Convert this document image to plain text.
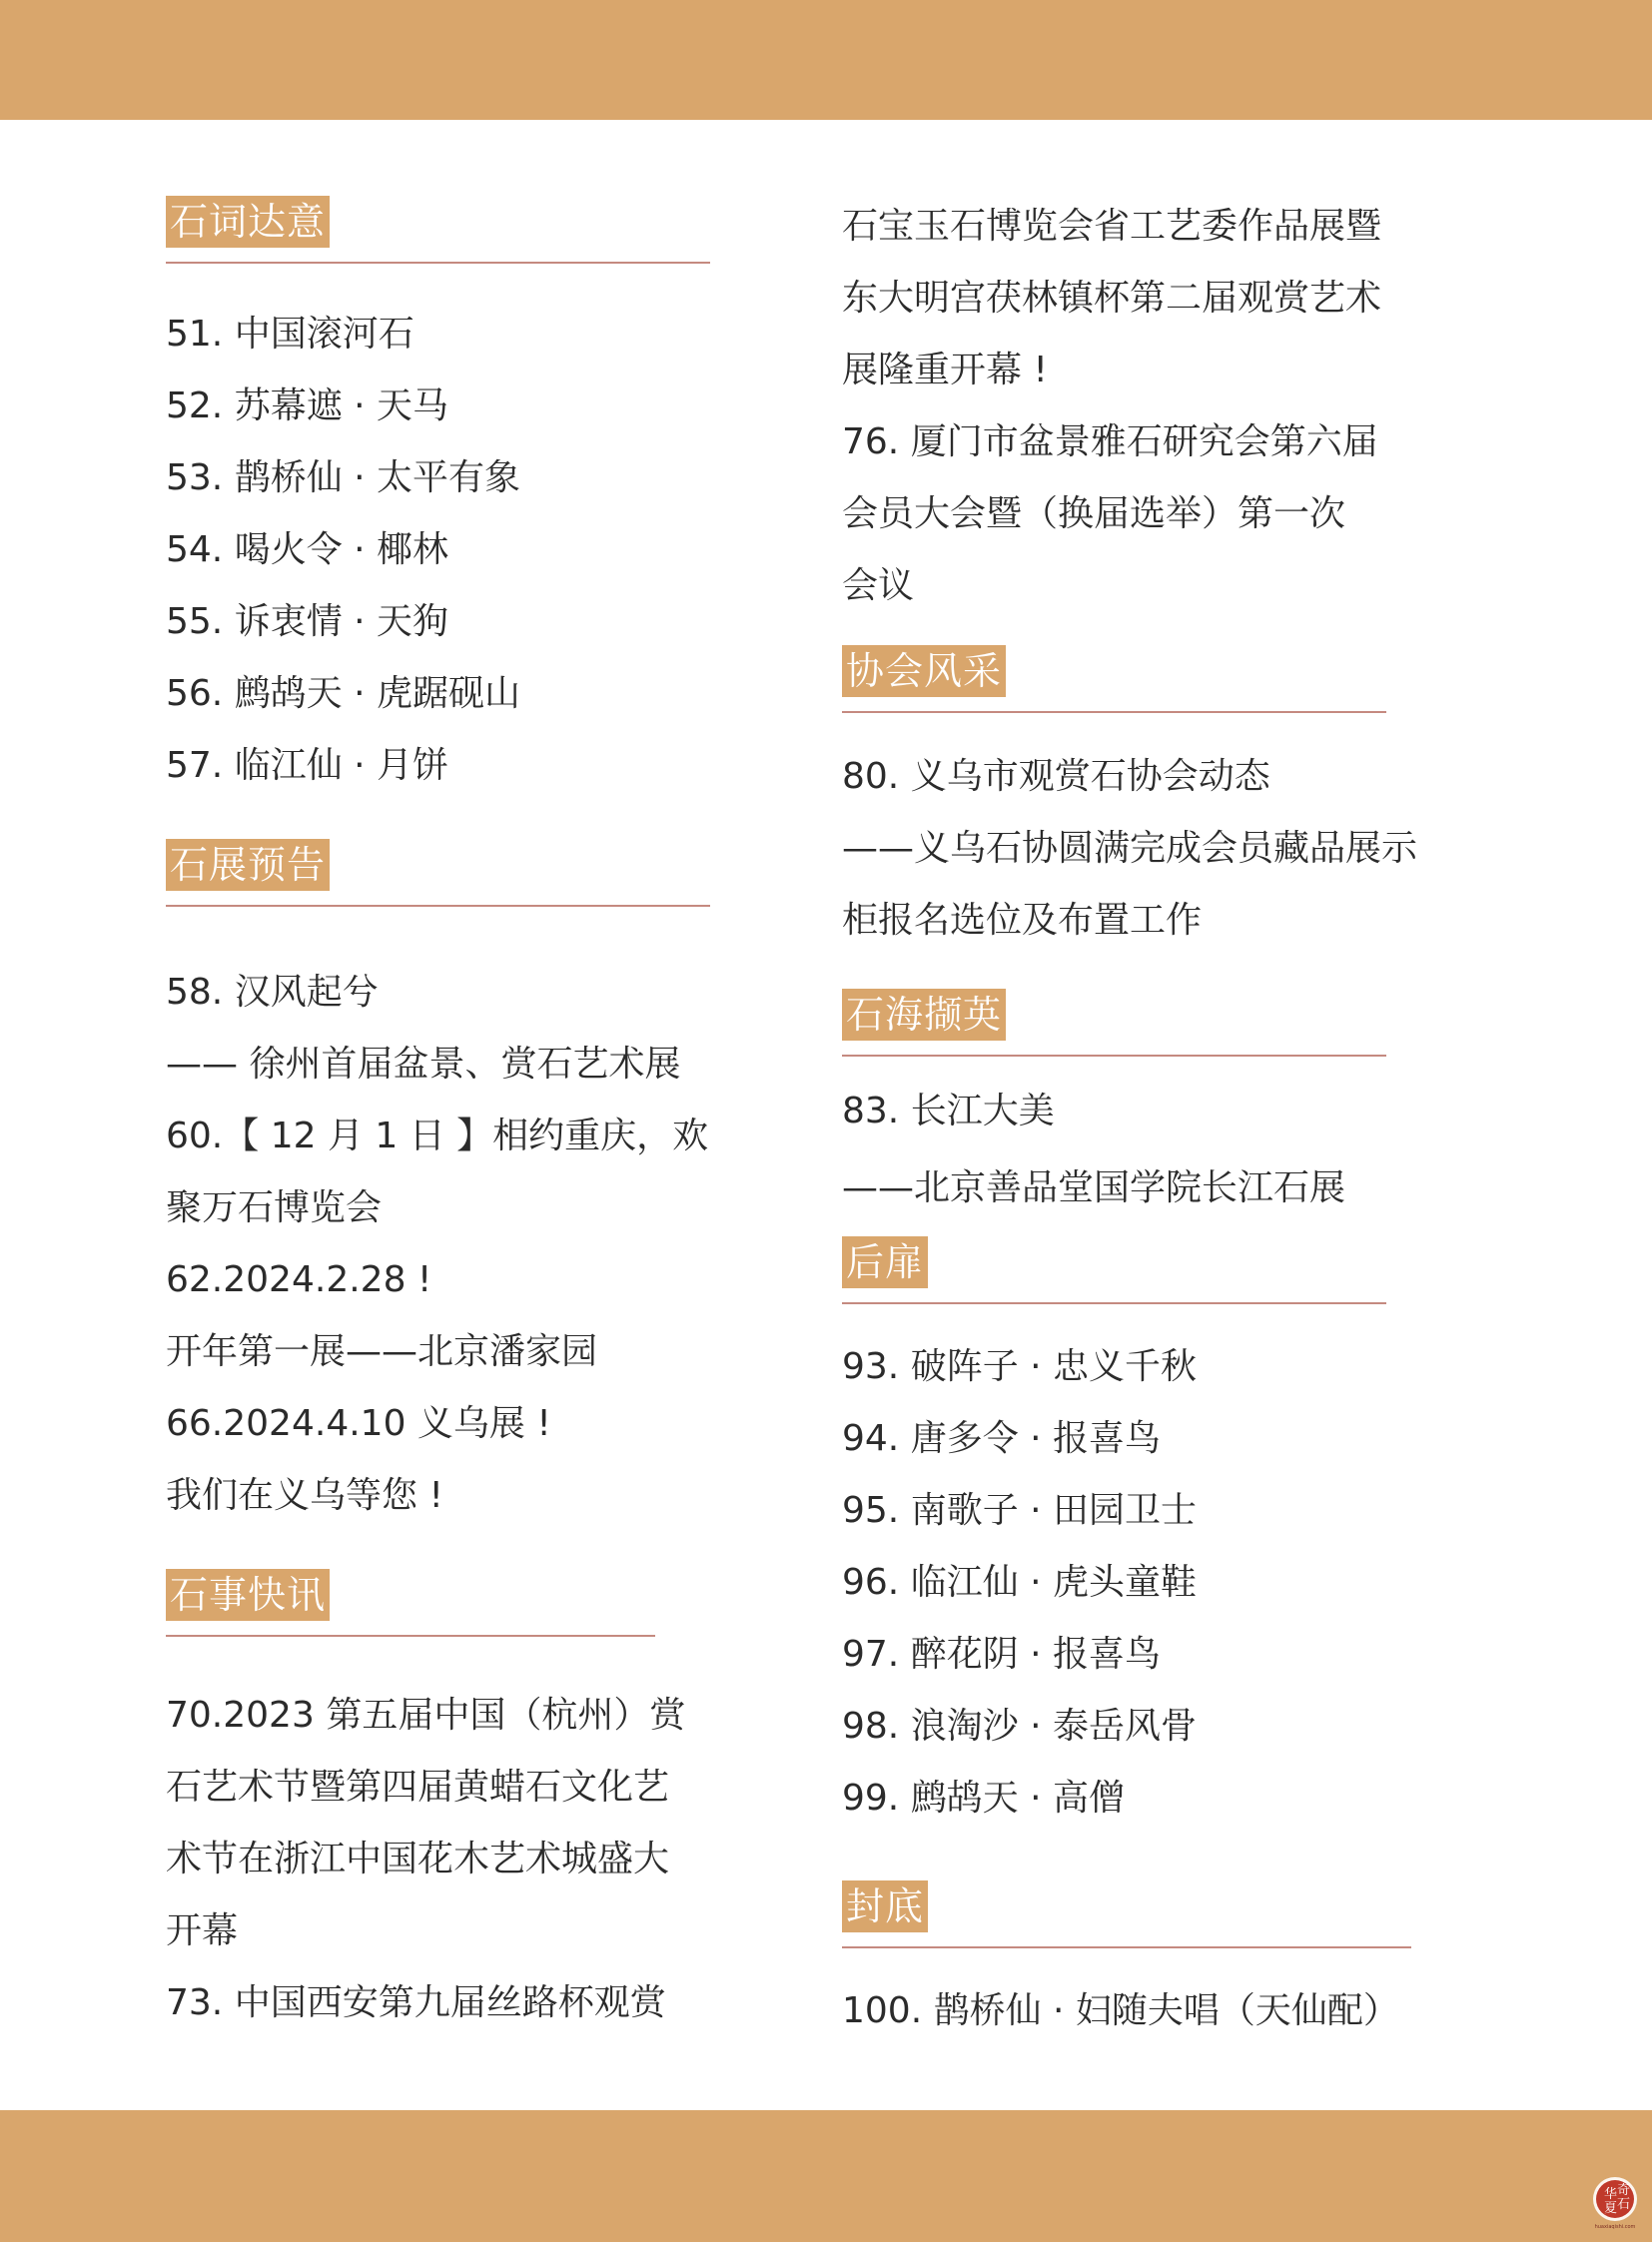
石词达意
51. 中国滚河石
52. 苏幕遮 · 天马
53. 鹊桥仙 · 太平有象
54. 喝火令 · 椰林
55. 诉衷情 · 天狗
56. 鹧鸪天 · 虎踞砚山
57. 临江仙 · 月饼
石展预告
58. 汉风起兮
—— 徐州首届盆景、赏石艺术展
60.【 12 月 1 日 】相约重庆，欢
聚万石博览会
62.2024.2.28 !
开年第一展——北京潘家园
66.2024.4.10 义乌展 !
我们在义乌等您 !
石事快讯
70.2023 第五届中国（杭州）赏
石艺术节暨第四届黄蜡石文化艺
术节在浙江中国花木艺术城盛大
开幕
73. 中国西安第九届丝路杯观赏
石宝玉石博览会省工艺委作品展暨
东大明宫茯林镇杯第二届观赏艺术
展隆重开幕 !
76. 厦门市盆景雅石研究会第六届
会员大会暨（换届选举）第一次
会议
协会风采
80. 义乌市观赏石协会动态
——义乌石协圆满完成会员藏品展示
柜报名选位及布置工作
石海撷英
83. 长江大美
——北京善品堂国学院长江石展
后扉
93. 破阵子 · 忠义千秋
94. 唐多令 · 报喜鸟
95. 南歌子 · 田园卫士
96. 临江仙 · 虎头童鞋
97. 醉花阴 · 报喜鸟
98. 浪淘沙 · 泰岳风骨
99. 鹧鸪天 · 高僧
封底
100. 鹊桥仙 · 妇随夫唱（天仙配）
华 奇
夏 石
huaxiaqishi.com
